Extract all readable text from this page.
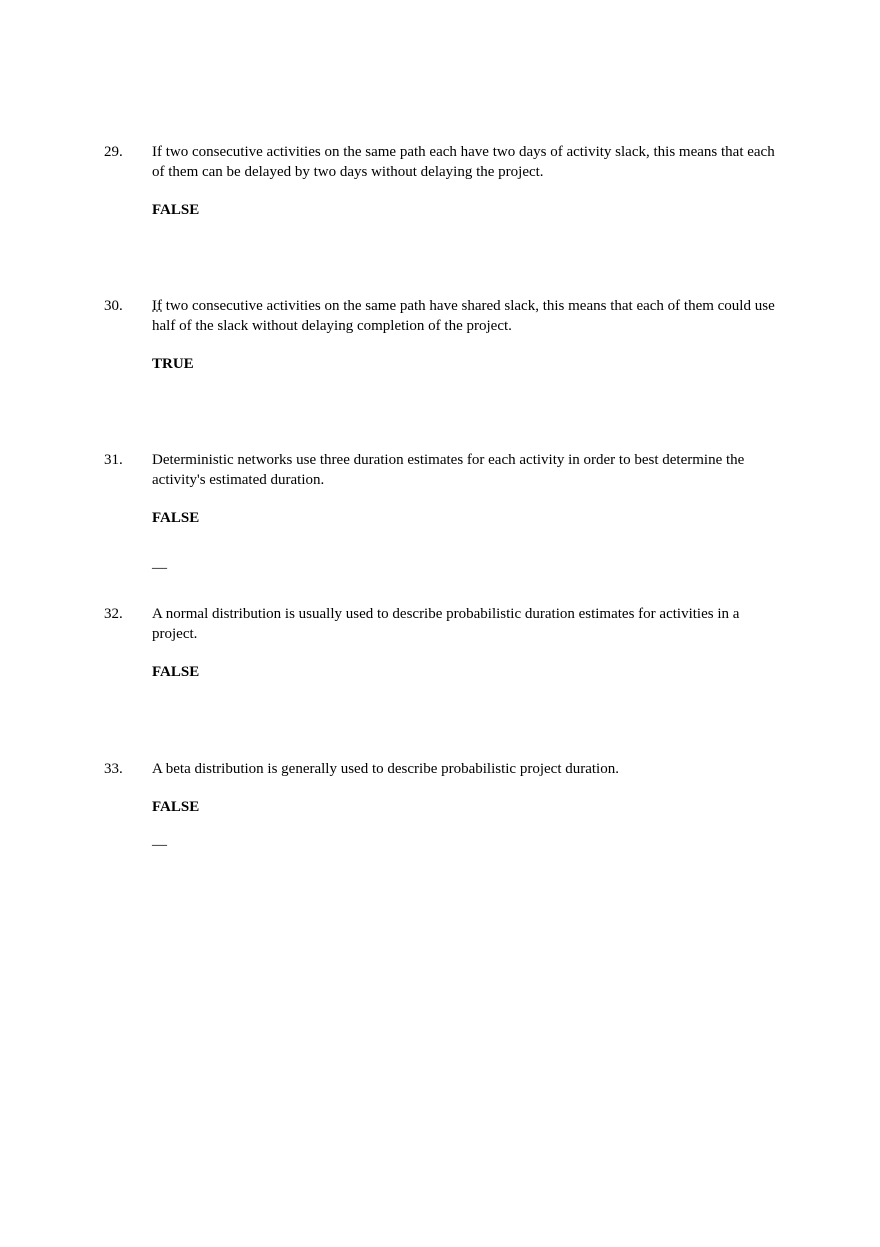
29. If two consecutive activities on the same path each have two days of activity slack, this means that each
of them can be delayed by two days without delaying the project.
FALSE
30. If two consecutive activities on the same path have shared slack, this means that each of them could use
half of the slack without delaying completion of the project.
TRUE
31. Deterministic networks use three duration estimates for each activity in order to best determine the
activity's estimated duration.
FALSE
—
32. A normal distribution is usually used to describe probabilistic duration estimates for activities in a
project.
FALSE
33. A beta distribution is generally used to describe probabilistic project duration.
FALSE
—
